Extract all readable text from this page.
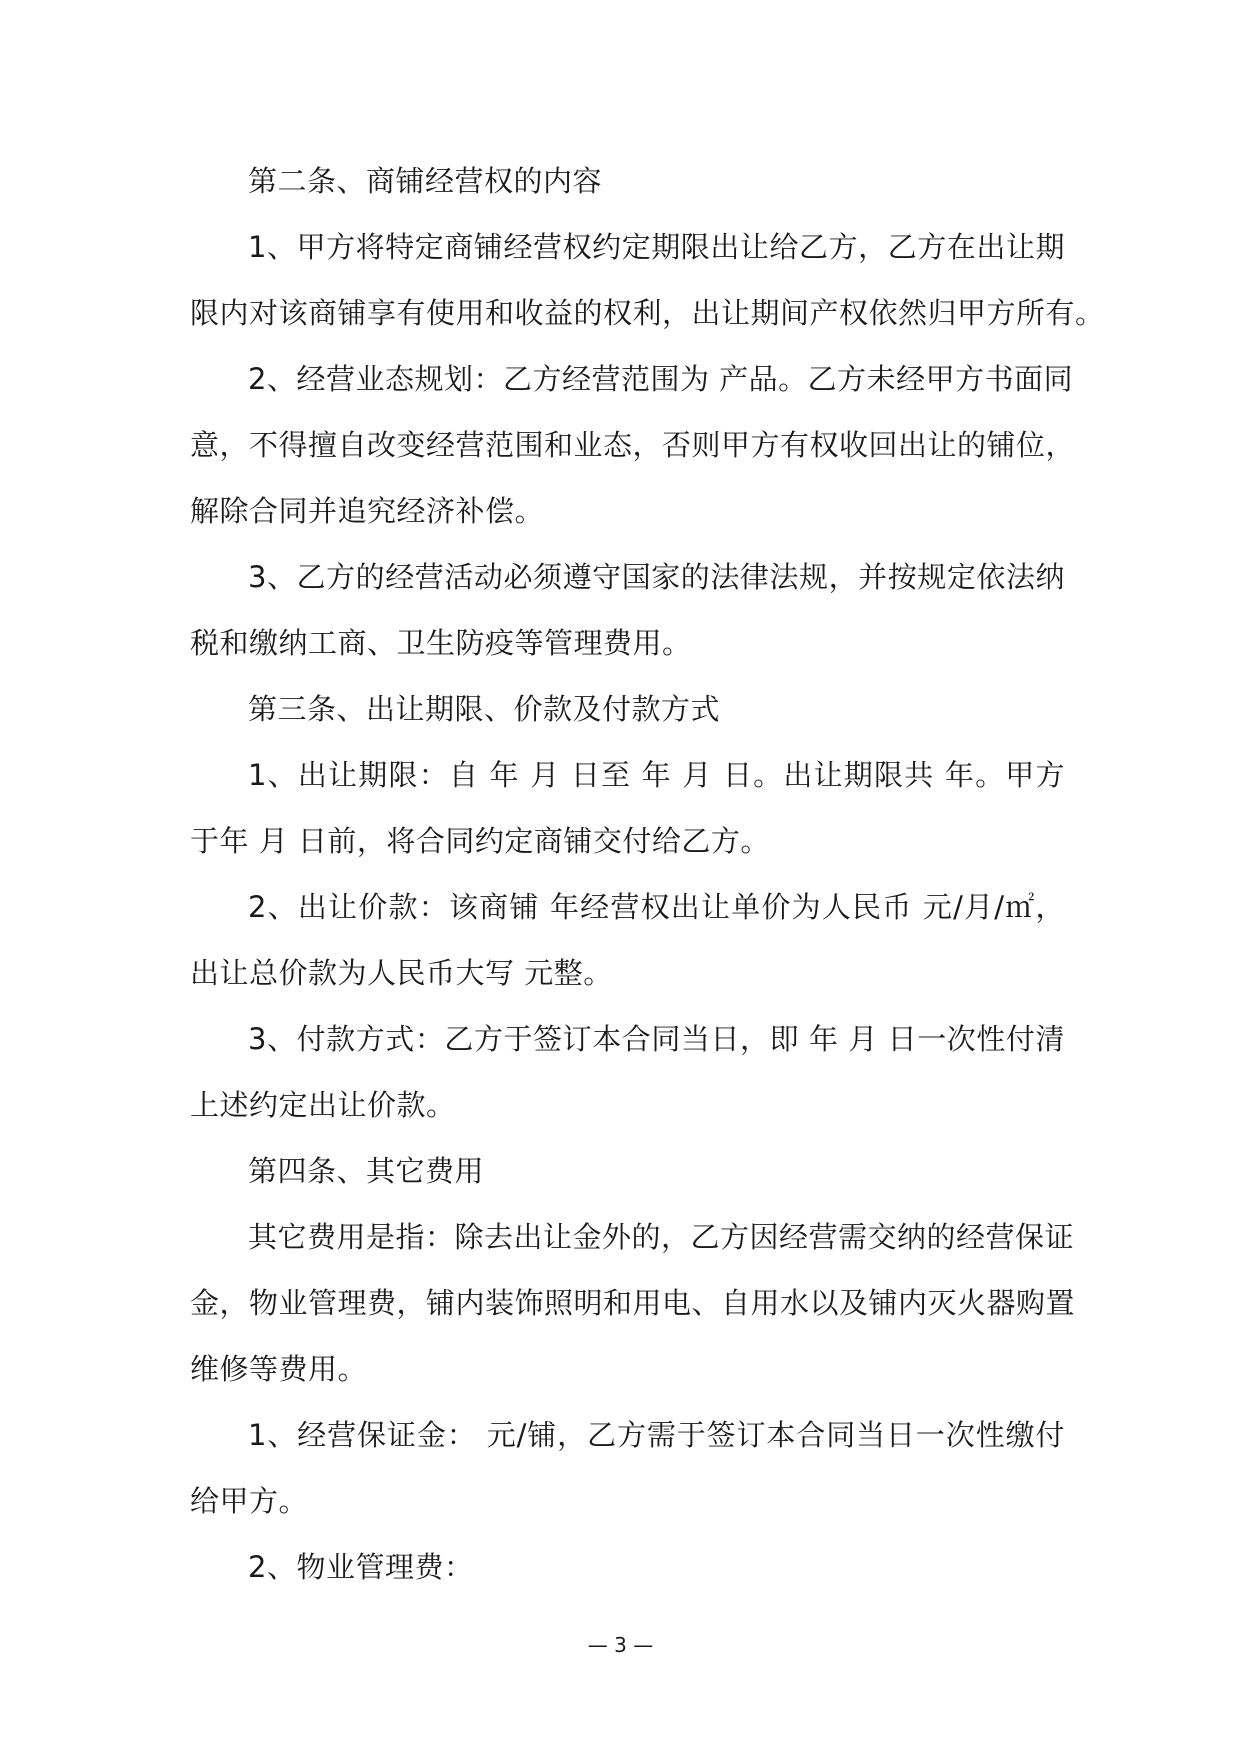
第二条、商铺经营权的内容
1、甲方将特定商铺经营权约定期限出让给乙方，乙方在出让期
限内对该商铺享有使用和收益的权利，出让期间产权依然归甲方所有。
2、经营业态规划：乙方经营范围为 产品。乙方未经甲方书面同
意，不得擅自改变经营范围和业态，否则甲方有权收回出让的铺位，
解除合同并追究经济补偿。
3、乙方的经营活动必须遵守国家的法律法规，并按规定依法纳
税和缴纳工商、卫生防疫等管理费用。
第三条、出让期限、价款及付款方式
1、出让期限：自 年 月 日至 年 月 日。出让期限共 年。甲方
于年 月 日前，将合同约定商铺交付给乙方。
2、出让价款：该商铺 年经营权出让单价为人民币 元/月/㎡，
出让总价款为人民币大写 元整。
3、付款方式：乙方于签订本合同当日，即 年 月 日一次性付清
上述约定出让价款。
第四条、其它费用
其它费用是指：除去出让金外的，乙方因经营需交纳的经营保证
金，物业管理费，铺内装饰照明和用电、自用水以及铺内灭火器购置
维修等费用。
1、经营保证金： 元/铺，乙方需于签订本合同当日一次性缴付
给甲方。
2、物业管理费：
— 3 —
